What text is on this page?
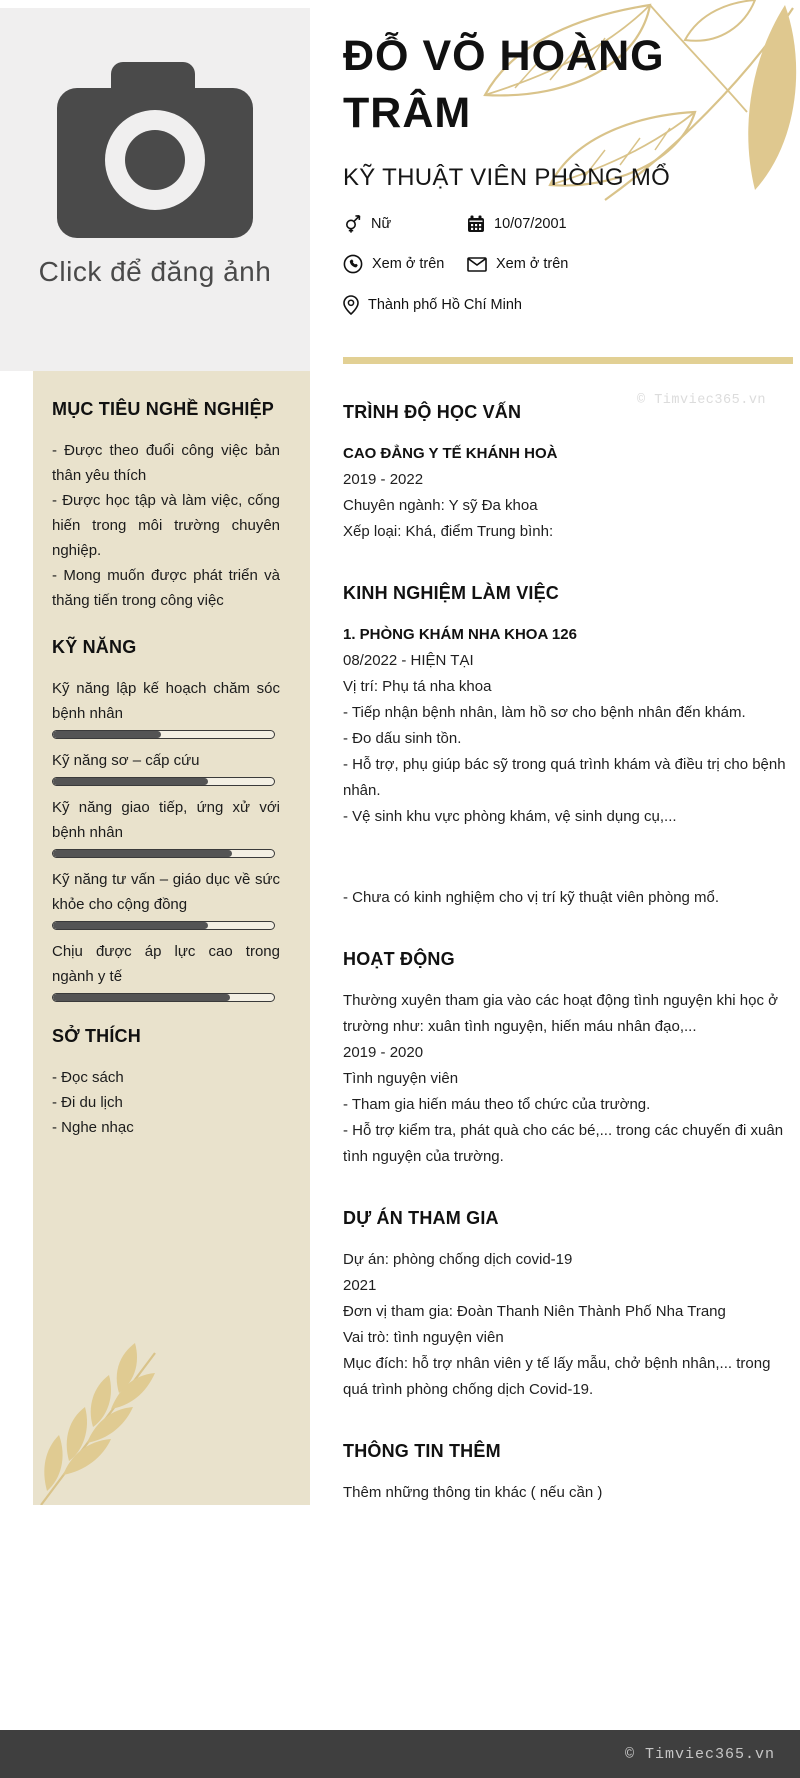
Click để đăng ảnh
MỤC TIÊU NGHỀ NGHIỆP

- Được theo đuổi công việc bản thân yêu thích

- Được học tập và làm việc, cống hiến trong môi trường chuyên nghiệp.

- Mong muốn được phát triển và thăng tiến trong công việc

KỸ NĂNG

Kỹ năng lập kế hoạch chăm sóc bệnh nhân

Kỹ năng sơ – cấp cứu

Kỹ năng giao tiếp, ứng xử với bệnh nhân

Kỹ năng tư vấn – giáo dục về sức khỏe cho cộng đồng

Chịu được áp lực cao trong ngành y tế

SỞ THÍCH

- Đọc sách

- Đi du lịch

- Nghe nhạc

ĐỖ VÕ HOÀNG
TRÂM
KỸ THUẬT VIÊN PHÒNG MỔ
Nữ	10/07/2001
Xem ở trên	Xem ở trên
Thành phố Hồ Chí Minh
TRÌNH ĐỘ HỌC VẤN

CAO ĐẲNG Y TẾ KHÁNH HOÀ

2019 - 2022

Chuyên ngành: Y sỹ Đa khoa

Xếp loại: Khá, điểm Trung bình:

KINH NGHIỆM LÀM VIỆC

1. PHÒNG KHÁM NHA KHOA 126

08/2022 - HIỆN TẠI

Vị trí: Phụ tá nha khoa

- Tiếp nhận bệnh nhân, làm hồ sơ cho bệnh nhân đến khám.

- Đo dấu sinh tồn.

- Hỗ trợ, phụ giúp bác sỹ trong quá trình khám và điều trị cho bệnh nhân.

- Vệ sinh khu vực phòng khám, vệ sinh dụng cụ,...

- Chưa có kinh nghiệm cho vị trí kỹ thuật viên phòng mổ.

HOẠT ĐỘNG

Thường xuyên tham gia vào các hoạt động tình nguyện khi học ở trường như: xuân tình nguyện, hiến máu nhân đạo,...

2019 - 2020

Tình nguyện viên

- Tham gia hiến máu theo tổ chức của trường.

- Hỗ trợ kiểm tra, phát quà cho các bé,... trong các chuyến đi xuân tình nguyện của trường.

DỰ ÁN THAM GIA

Dự án: phòng chống dịch covid-19

2021

Đơn vị tham gia: Đoàn Thanh Niên Thành Phố Nha Trang

Vai trò: tình nguyện viên

Mục đích: hỗ trợ nhân viên y tế lấy mẫu, chở bệnh nhân,... trong quá trình phòng chống dịch Covid-19.

THÔNG TIN THÊM

Thêm những thông tin khác ( nếu cần )

© Timviec365.vn
© Timviec365.vn
